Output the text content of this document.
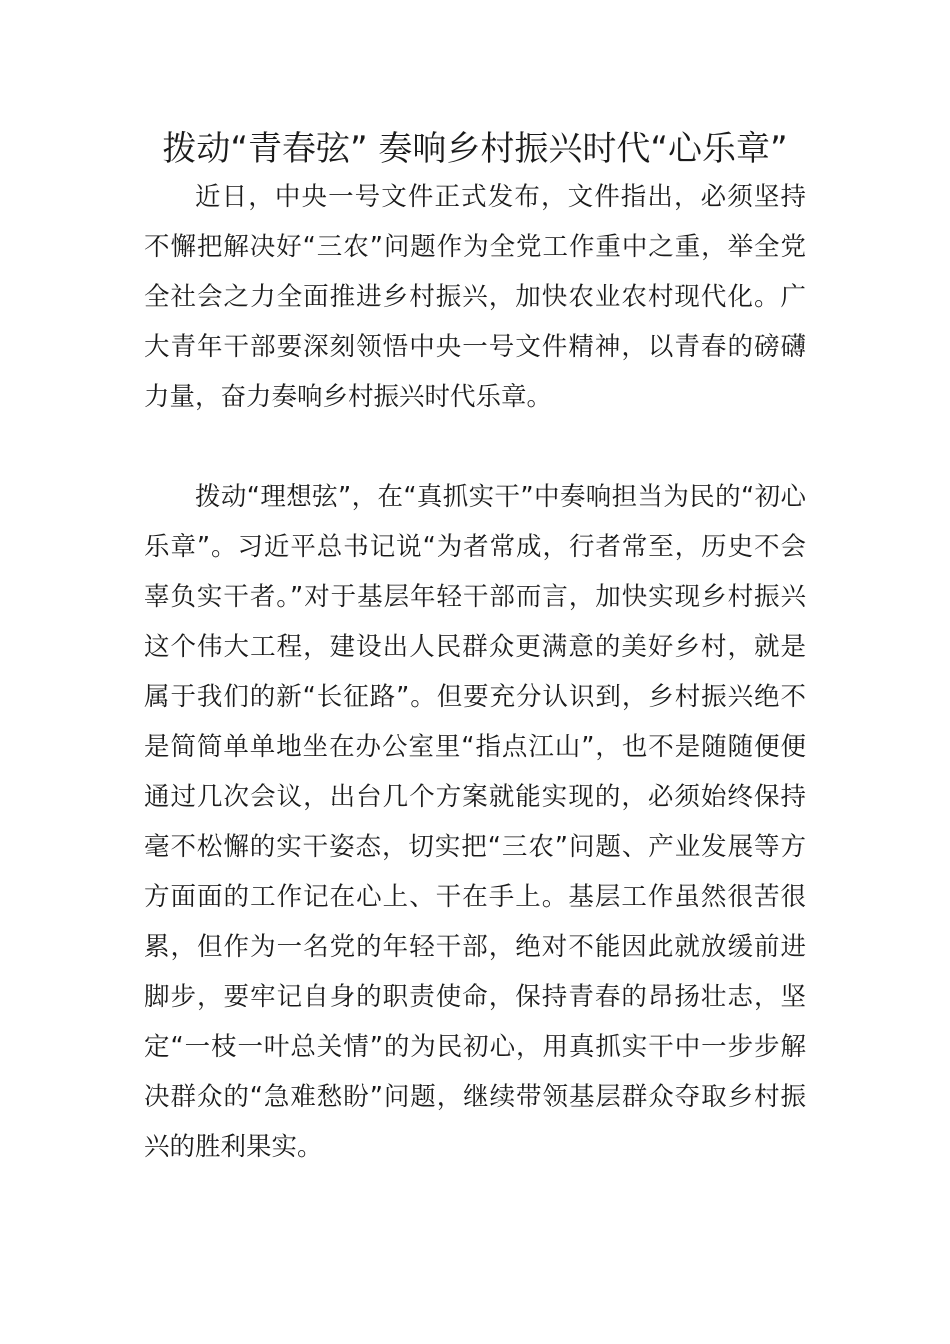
拨动“青春弦” 奏响乡村振兴时代“心乐章”

近日，中央一号文件正式发布，文件指出，必须坚持不懈把解决好“三农”问题作为全党工作重中之重，举全党全社会之力全面推进乡村振兴，加快农业农村现代化。广大青年干部要深刻领悟中央一号文件精神，以青春的磅礴力量，奋力奏响乡村振兴时代乐章。

拨动“理想弦”，在“真抓实干”中奏响担当为民的“初心乐章”。习近平总书记说“为者常成，行者常至，历史不会辜负实干者。”对于基层年轻干部而言，加快实现乡村振兴这个伟大工程，建设出人民群众更满意的美好乡村，就是属于我们的新“长征路”。但要充分认识到，乡村振兴绝不是简简单单地坐在办公室里“指点江山”，也不是随随便便通过几次会议，出台几个方案就能实现的，必须始终保持毫不松懈的实干姿态，切实把“三农”问题、产业发展等方方面面的工作记在心上、干在手上。基层工作虽然很苦很累，但作为一名党的年轻干部，绝对不能因此就放缓前进脚步，要牢记自身的职责使命，保持青春的昂扬壮志，坚定“一枝一叶总关情”的为民初心，用真抓实干中一步步解决群众的“急难愁盼”问题，继续带领基层群众夺取乡村振兴的胜利果实。
